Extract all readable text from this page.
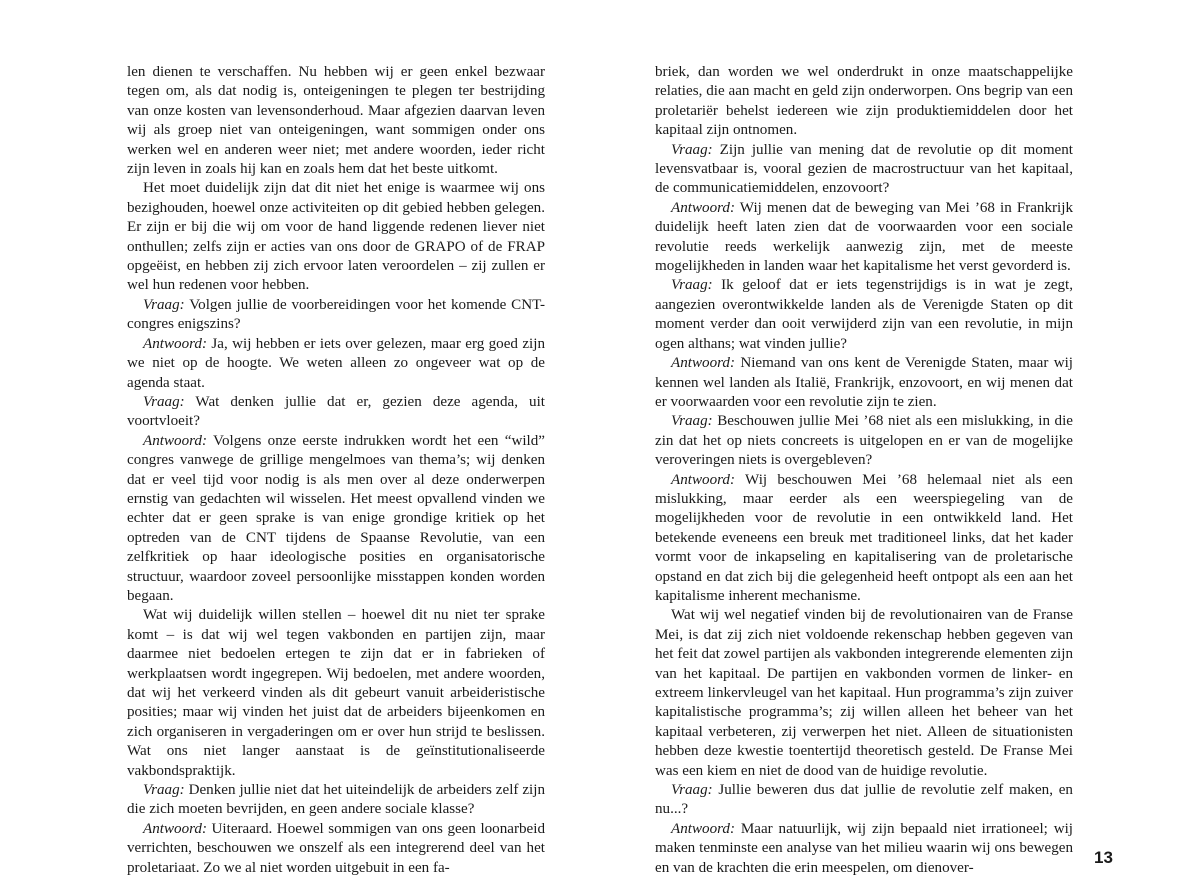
len dienen te verschaffen. Nu hebben wij er geen enkel bezwaar tegen om, als dat nodig is, onteigeningen te plegen ter bestrijding van onze kosten van levensonderhoud. Maar afgezien daarvan leven wij als groep niet van onteigeningen, want sommigen onder ons werken wel en anderen weer niet; met andere woorden, ieder richt zijn leven in zoals hij kan en zoals hem dat het beste uitkomt.

Het moet duidelijk zijn dat dit niet het enige is waarmee wij ons bezighouden, hoewel onze activiteiten op dit gebied hebben gelegen. Er zijn er bij die wij om voor de hand liggende redenen liever niet onthullen; zelfs zijn er acties van ons door de GRAPO of de FRAP opgeëist, en hebben zij zich ervoor laten veroordelen – zij zullen er wel hun redenen voor hebben.

Vraag: Volgen jullie de voorbereidingen voor het komende CNT-congres enigszins?

Antwoord: Ja, wij hebben er iets over gelezen, maar erg goed zijn we niet op de hoogte. We weten alleen zo ongeveer wat op de agenda staat.

Vraag: Wat denken jullie dat er, gezien deze agenda, uit voortvloeit?

Antwoord: Volgens onze eerste indrukken wordt het een “wild” congres vanwege de grillige mengelmoes van thema’s; wij denken dat er veel tijd voor nodig is als men over al deze onderwerpen ernstig van gedachten wil wisselen. Het meest opvallend vinden we echter dat er geen sprake is van enige grondige kritiek op het optreden van de CNT tijdens de Spaanse Revolutie, van een zelfkritiek op haar ideologische posities en organisatorische structuur, waardoor zoveel persoonlijke misstappen konden worden begaan.

Wat wij duidelijk willen stellen – hoewel dit nu niet ter sprake komt – is dat wij wel tegen vakbonden en partijen zijn, maar daarmee niet bedoelen ertegen te zijn dat er in fabrieken of werkplaatsen wordt ingegrepen. Wij bedoelen, met andere woorden, dat wij het verkeerd vinden als dit gebeurt vanuit arbeideristische posities; maar wij vinden het juist dat de arbeiders bijeenkomen en zich organiseren in vergaderingen om er over hun strijd te beslissen. Wat ons niet langer aanstaat is de geïnstitutionaliseerde vakbondspraktijk.

Vraag: Denken jullie niet dat het uiteindelijk de arbeiders zelf zijn die zich moeten bevrijden, en geen andere sociale klasse?

Antwoord: Uiteraard. Hoewel sommigen van ons geen loonarbeid verrichten, beschouwen we onszelf als een integrerend deel van het proletariaat. Zo we al niet worden uitgebuit in een fa-

briek, dan worden we wel onderdrukt in onze maatschappelijke relaties, die aan macht en geld zijn onderworpen. Ons begrip van een proletariër behelst iedereen wie zijn produktiemiddelen door het kapitaal zijn ontnomen.

Vraag: Zijn jullie van mening dat de revolutie op dit moment levensvatbaar is, vooral gezien de macrostructuur van het kapitaal, de communicatiemiddelen, enzovoort?

Antwoord: Wij menen dat de beweging van Mei ’68 in Frankrijk duidelijk heeft laten zien dat de voorwaarden voor een sociale revolutie reeds werkelijk aanwezig zijn, met de meeste mogelijkheden in landen waar het kapitalisme het verst gevorderd is.

Vraag: Ik geloof dat er iets tegenstrijdigs is in wat je zegt, aangezien overontwikkelde landen als de Verenigde Staten op dit moment verder dan ooit verwijderd zijn van een revolutie, in mijn ogen althans; wat vinden jullie?

Antwoord: Niemand van ons kent de Verenigde Staten, maar wij kennen wel landen als Italië, Frankrijk, enzovoort, en wij menen dat er voorwaarden voor een revolutie zijn te zien.

Vraag: Beschouwen jullie Mei ’68 niet als een mislukking, in die zin dat het op niets concreets is uitgelopen en er van de mogelijke veroveringen niets is overgebleven?

Antwoord: Wij beschouwen Mei ’68 helemaal niet als een mislukking, maar eerder als een weerspiegeling van de mogelijkheden voor de revolutie in een ontwikkeld land. Het betekende eveneens een breuk met traditioneel links, dat het kader vormt voor de inkapseling en kapitalisering van de proletarische opstand en dat zich bij die gelegenheid heeft ontpopt als een aan het kapitalisme inherent mechanisme.

Wat wij wel negatief vinden bij de revolutionairen van de Franse Mei, is dat zij zich niet voldoende rekenschap hebben gegeven van het feit dat zowel partijen als vakbonden integrerende elementen zijn van het kapitaal. De partijen en vakbonden vormen de linker- en extreem linkervleugel van het kapitaal. Hun programma’s zijn zuiver kapitalistische programma’s; zij willen alleen het beheer van het kapitaal verbeteren, zij verwerpen het niet. Alleen de situationisten hebben deze kwestie toentertijd theoretisch gesteld. De Franse Mei was een kiem en niet de dood van de huidige revolutie.

Vraag: Jullie beweren dus dat jullie de revolutie zelf maken, en nu...?

Antwoord: Maar natuurlijk, wij zijn bepaald niet irrationeel; wij maken tenminste een analyse van het milieu waarin wij ons bewegen en van de krachten die erin meespelen, om dienover-

13
